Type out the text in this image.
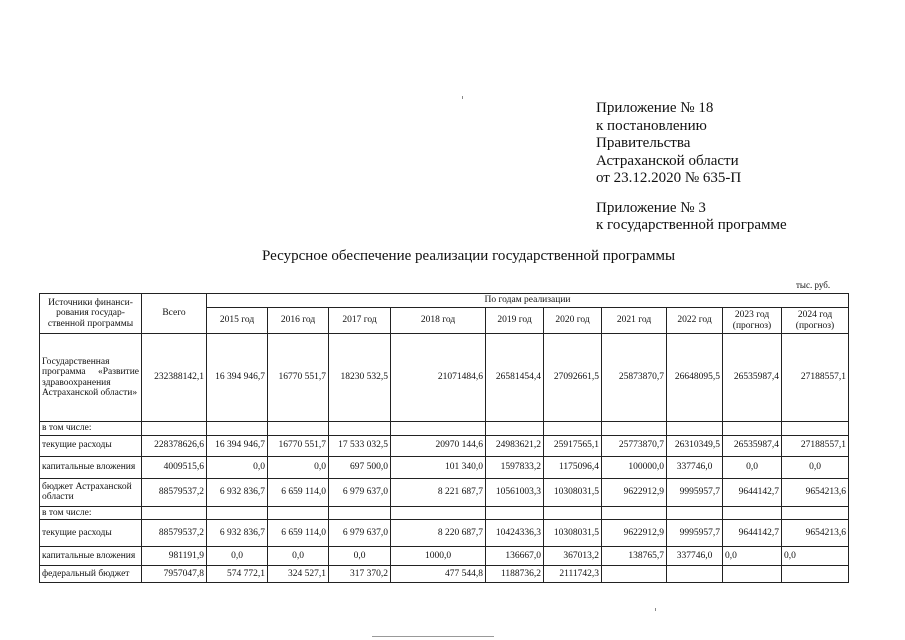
Приложение № 18
к постановлению
Правительства
Астраханской области
от 23.12.2020 № 635-П
Приложение № 3
к государственной программе
Ресурсное обеспечение реализации государственной программы
тыс. руб.
Источники финанси-рования государ-ственной программы	Всего	По годам реализации									
		2015 год	2016 год	2017 год	2018 год	2019 год	2020 год	2021 год	2022 год	2023 год (прогноз)	2024 год (прогноз)
Государственная программа «Развитие здравоохранения Астраханской области»	232388142,1	16 394 946,7	16770 551,7	18230 532,5	21071484,6	26581454,4	27092661,5	25873870,7	26648095,5	26535987,4	27188557,1
в том числе:											
текущие расходы	228378626,6	16 394 946,7	16770 551,7	17 533 032,5	20970 144,6	24983621,2	25917565,1	25773870,7	26310349,5	26535987,4	27188557,1
капитальные вложения	4009515,6	0,0	0,0	697 500,0	101 340,0	1597833,2	1175096,4	100000,0	337746,0	0,0	0,0
бюджет Астраханской области	88579537,2	6 932 836,7	6 659 114,0	6 979 637,0	8 221 687,7	10561003,3	10308031,5	9622912,9	9995957,7	9644142,7	9654213,6
в том числе:											
текущие расходы	88579537,2	6 932 836,7	6 659 114,0	6 979 637,0	8 220 687,7	10424336,3	10308031,5	9622912,9	9995957,7	9644142,7	9654213,6
капитальные вложения	981191,9	0,0	0,0	0,0	1000,0	136667,0	367013,2	138765,7	337746,0	0,0	0,0
федеральный бюджет	7957047,8	574 772,1	324 527,1	317 370,2	477 544,8	1188736,2	2111742,3				
